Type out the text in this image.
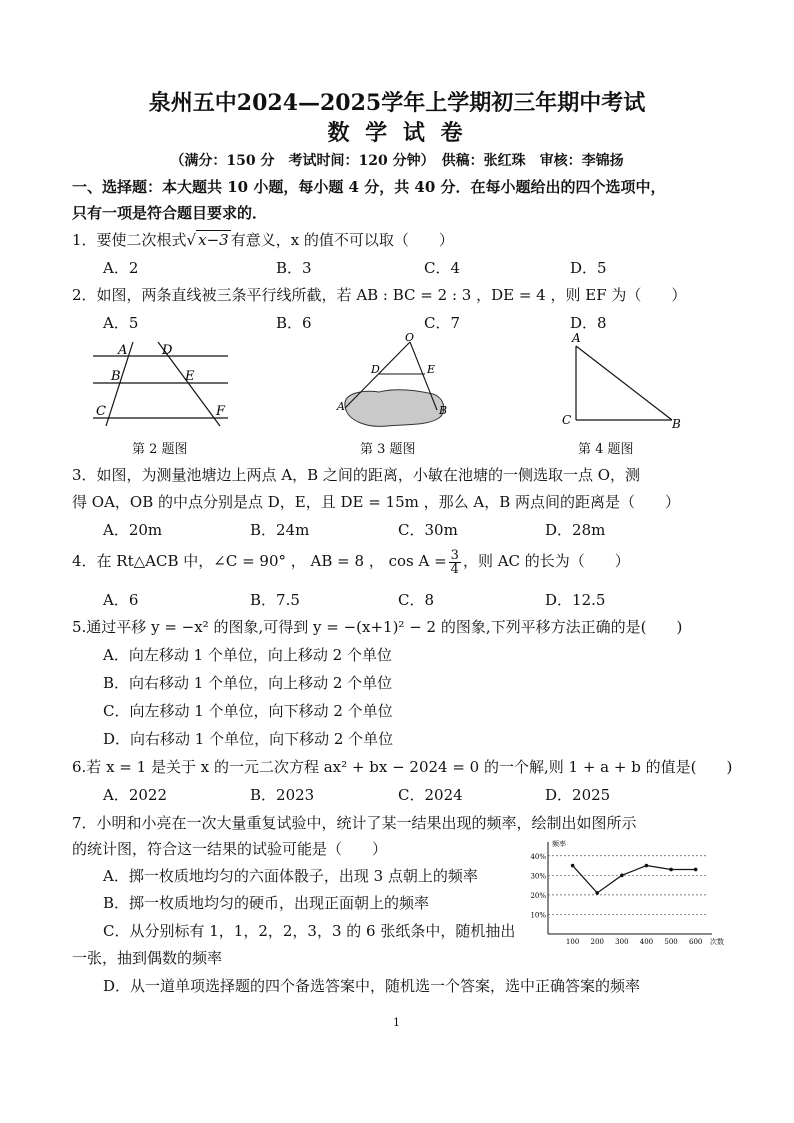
泉州五中2024—2025学年上学期初三年期中考试
数 学 试 卷
（满分：150 分　考试时间：120 分钟）　供稿：张红珠　审核：李锦扬
一、选择题：本大题共 10 小题，每小题 4 分，共 40 分．在每小题给出的四个选项中，
只有一项是符合题目要求的．
1．要使二次根式√ x−3 有意义，x 的值不可以取（　　）
A．2	B．3	C．4	D．5
2．如图，两条直线被三条平行线所截，若 AB : BC = 2 : 3 ，DE = 4 ，则 EF 为（　　）
A．5	B．6	C．7	D．8
A	D
B	E
C	F
第 2 题图
O
D	E
A	B
第 3 题图
A
C	B
第 4 题图
3．如图，为测量池塘边上两点 A，B 之间的距离，小敏在池塘的一侧选取一点 O，测
得 OA，OB 的中点分别是点 D，E，且 DE = 15m ，那么 A，B 两点间的距离是（　　）
A．20m	B．24m	C．30m	D．28m
4．在 Rt△ACB 中，∠C = 90° ， AB = 8 ， $\cos A = \frac{3}{4}$ ，则 AC 的长为（　　）
A．6	B．7.5	C．8	D．12.5
5.通过平移 y = −x² 的图象,可得到 y = −(x+1)² − 2 的图象,下列平移方法正确的是(　　)
A．向左移动 1 个单位，向上移动 2 个单位
B．向右移动 1 个单位，向上移动 2 个单位
C．向左移动 1 个单位，向下移动 2 个单位
D．向右移动 1 个单位，向下移动 2 个单位
6.若 x = 1 是关于 x 的一元二次方程 ax² + bx − 2024 = 0 的一个解,则 1 + a + b 的值是(　　)
A．2022	B．2023	C．2024	D．2025
7．小明和小亮在一次大量重复试验中，统计了某一结果出现的频率，绘制出如图所示
的统计图，符合这一结果的试验可能是（　　）
A．掷一枚质地均匀的六面体骰子，出现 3 点朝上的频率
B．掷一枚质地均匀的硬币，出现正面朝上的频率
C．从分别标有 1，1，2，2，3，3 的 6 张纸条中，随机抽出
一张，抽到偶数的频率
D．从一道单项选择题的四个备选答案中，随机选一个答案，选中正确答案的频率
10%
20%
30%
40%
100 200 300 400 500 600
频率
次数
1
